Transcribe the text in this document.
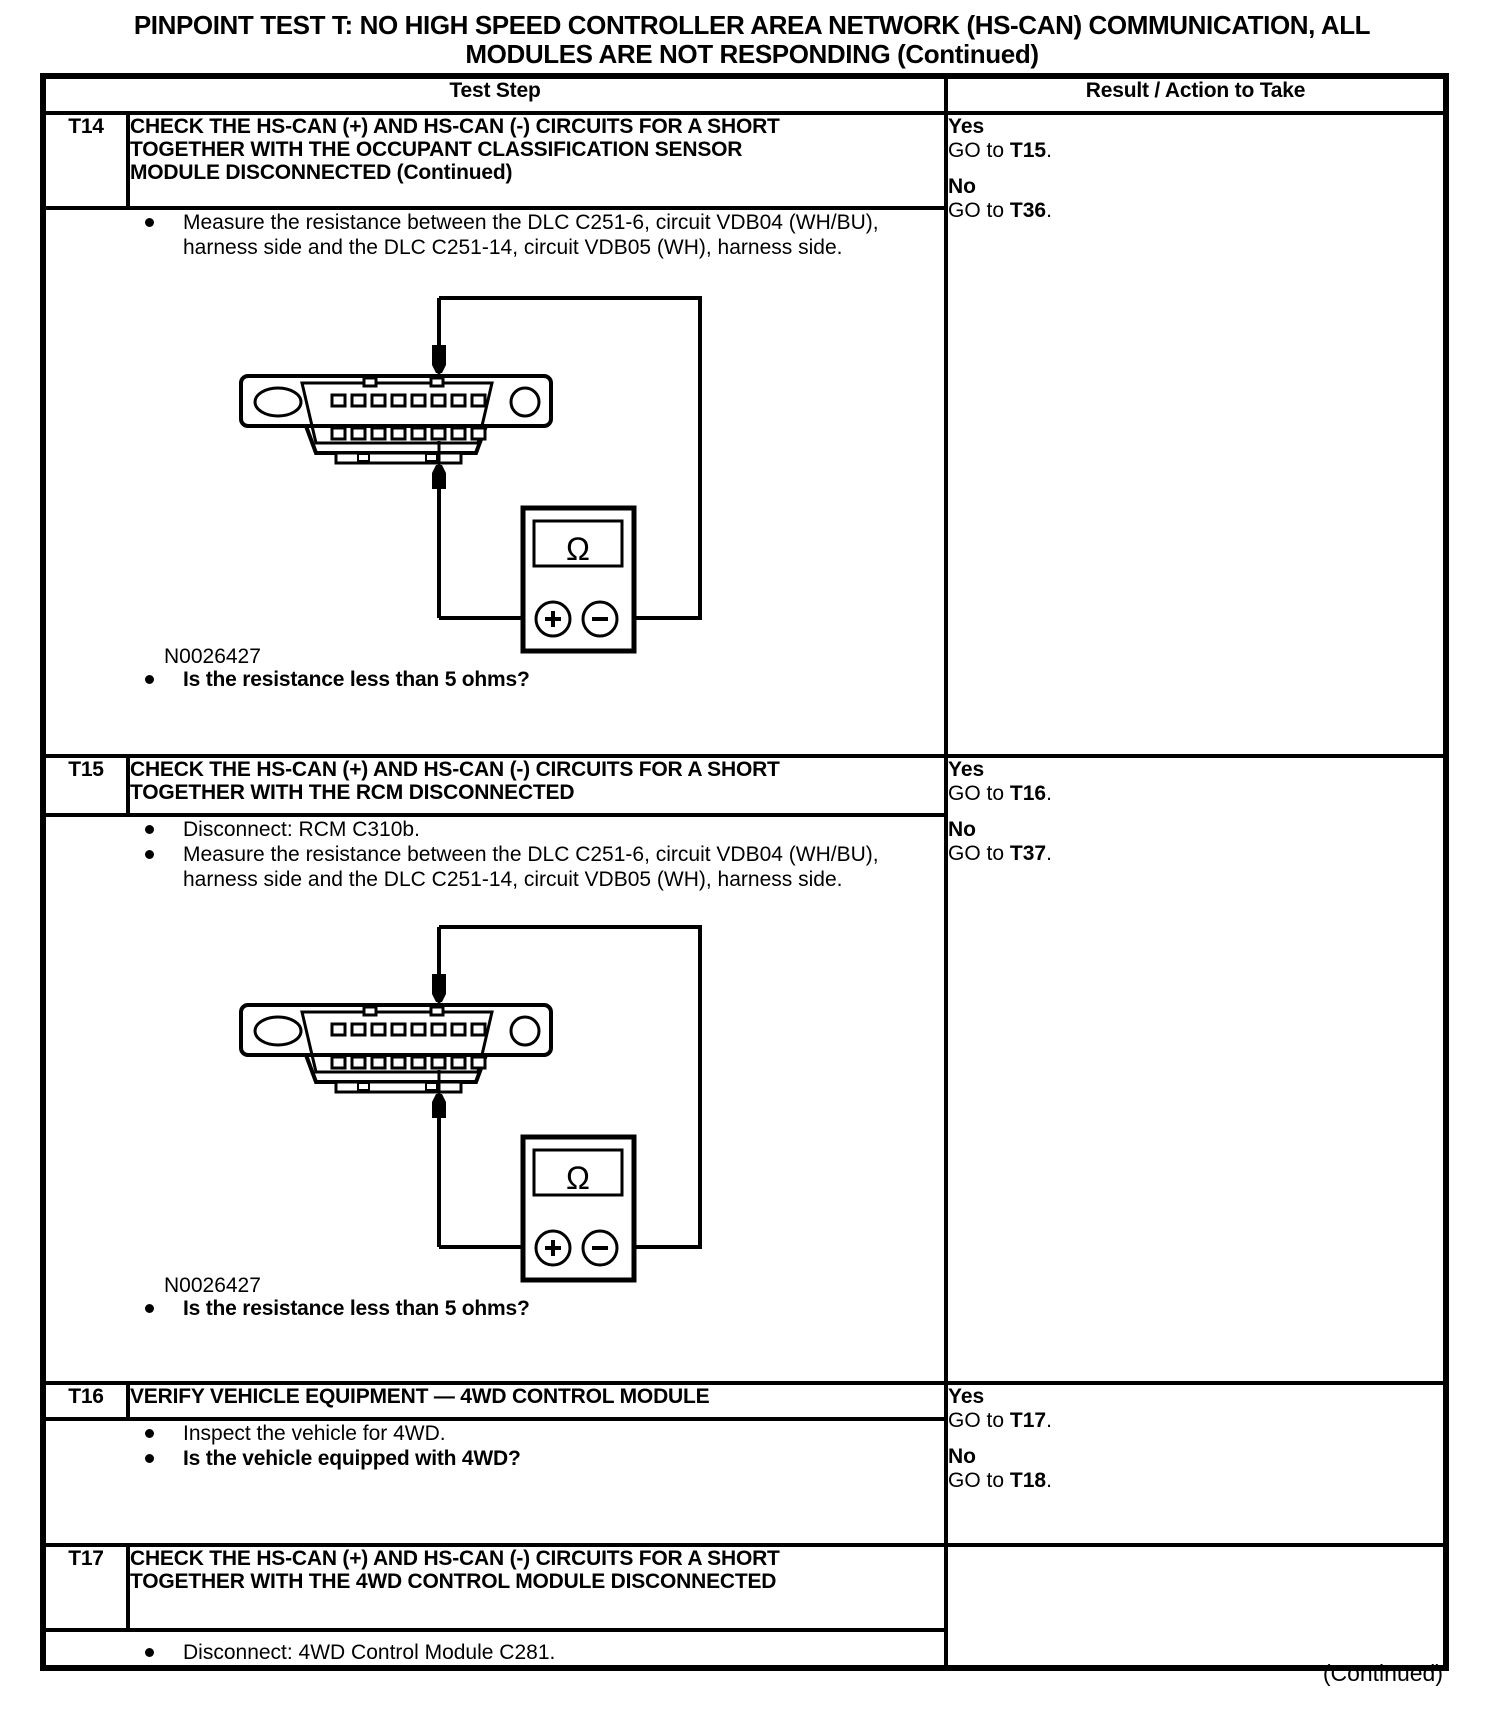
PINPOINT TEST T: NO HIGH SPEED CONTROLLER AREA NETWORK (HS-CAN) COMMUNICATION, ALL
MODULES ARE NOT RESPONDING (Continued)
Test Step		Result / Action to Take
T14	CHECK THE HS-CAN (+) AND HS-CAN (-) CIRCUITS FOR A SHORT TOGETHER WITH THE OCCUPANT CLASSIFICATION SENSOR MODULE DISCONNECTED (Continued)	Yes
GO to T15.
No
GO to T36.

Measure the resistance between the DLC C251-6, circuit VDB04 (WH/BU), harness side and the DLC C251-14, circuit VDB05 (WH), harness side.
Ω
N0026427
Is the resistance less than 5 ohms?

T15	CHECK THE HS-CAN (+) AND HS-CAN (-) CIRCUITS FOR A SHORT TOGETHER WITH THE RCM DISCONNECTED	Yes
GO to T16.
No
GO to T37.

Disconnect: RCM C310b.
Measure the resistance between the DLC C251-6, circuit VDB04 (WH/BU), harness side and the DLC C251-14, circuit VDB05 (WH), harness side.
Ω
N0026427
Is the resistance less than 5 ohms?

T16	VERIFY VEHICLE EQUIPMENT — 4WD CONTROL MODULE	Yes
GO to T17.
No
GO to T18.

Inspect the vehicle for 4WD.
Is the vehicle equipped with 4WD?

T17	CHECK THE HS-CAN (+) AND HS-CAN (-) CIRCUITS FOR A SHORT TOGETHER WITH THE 4WD CONTROL MODULE DISCONNECTED	

Disconnect: 4WD Control Module C281.
(Continued)
